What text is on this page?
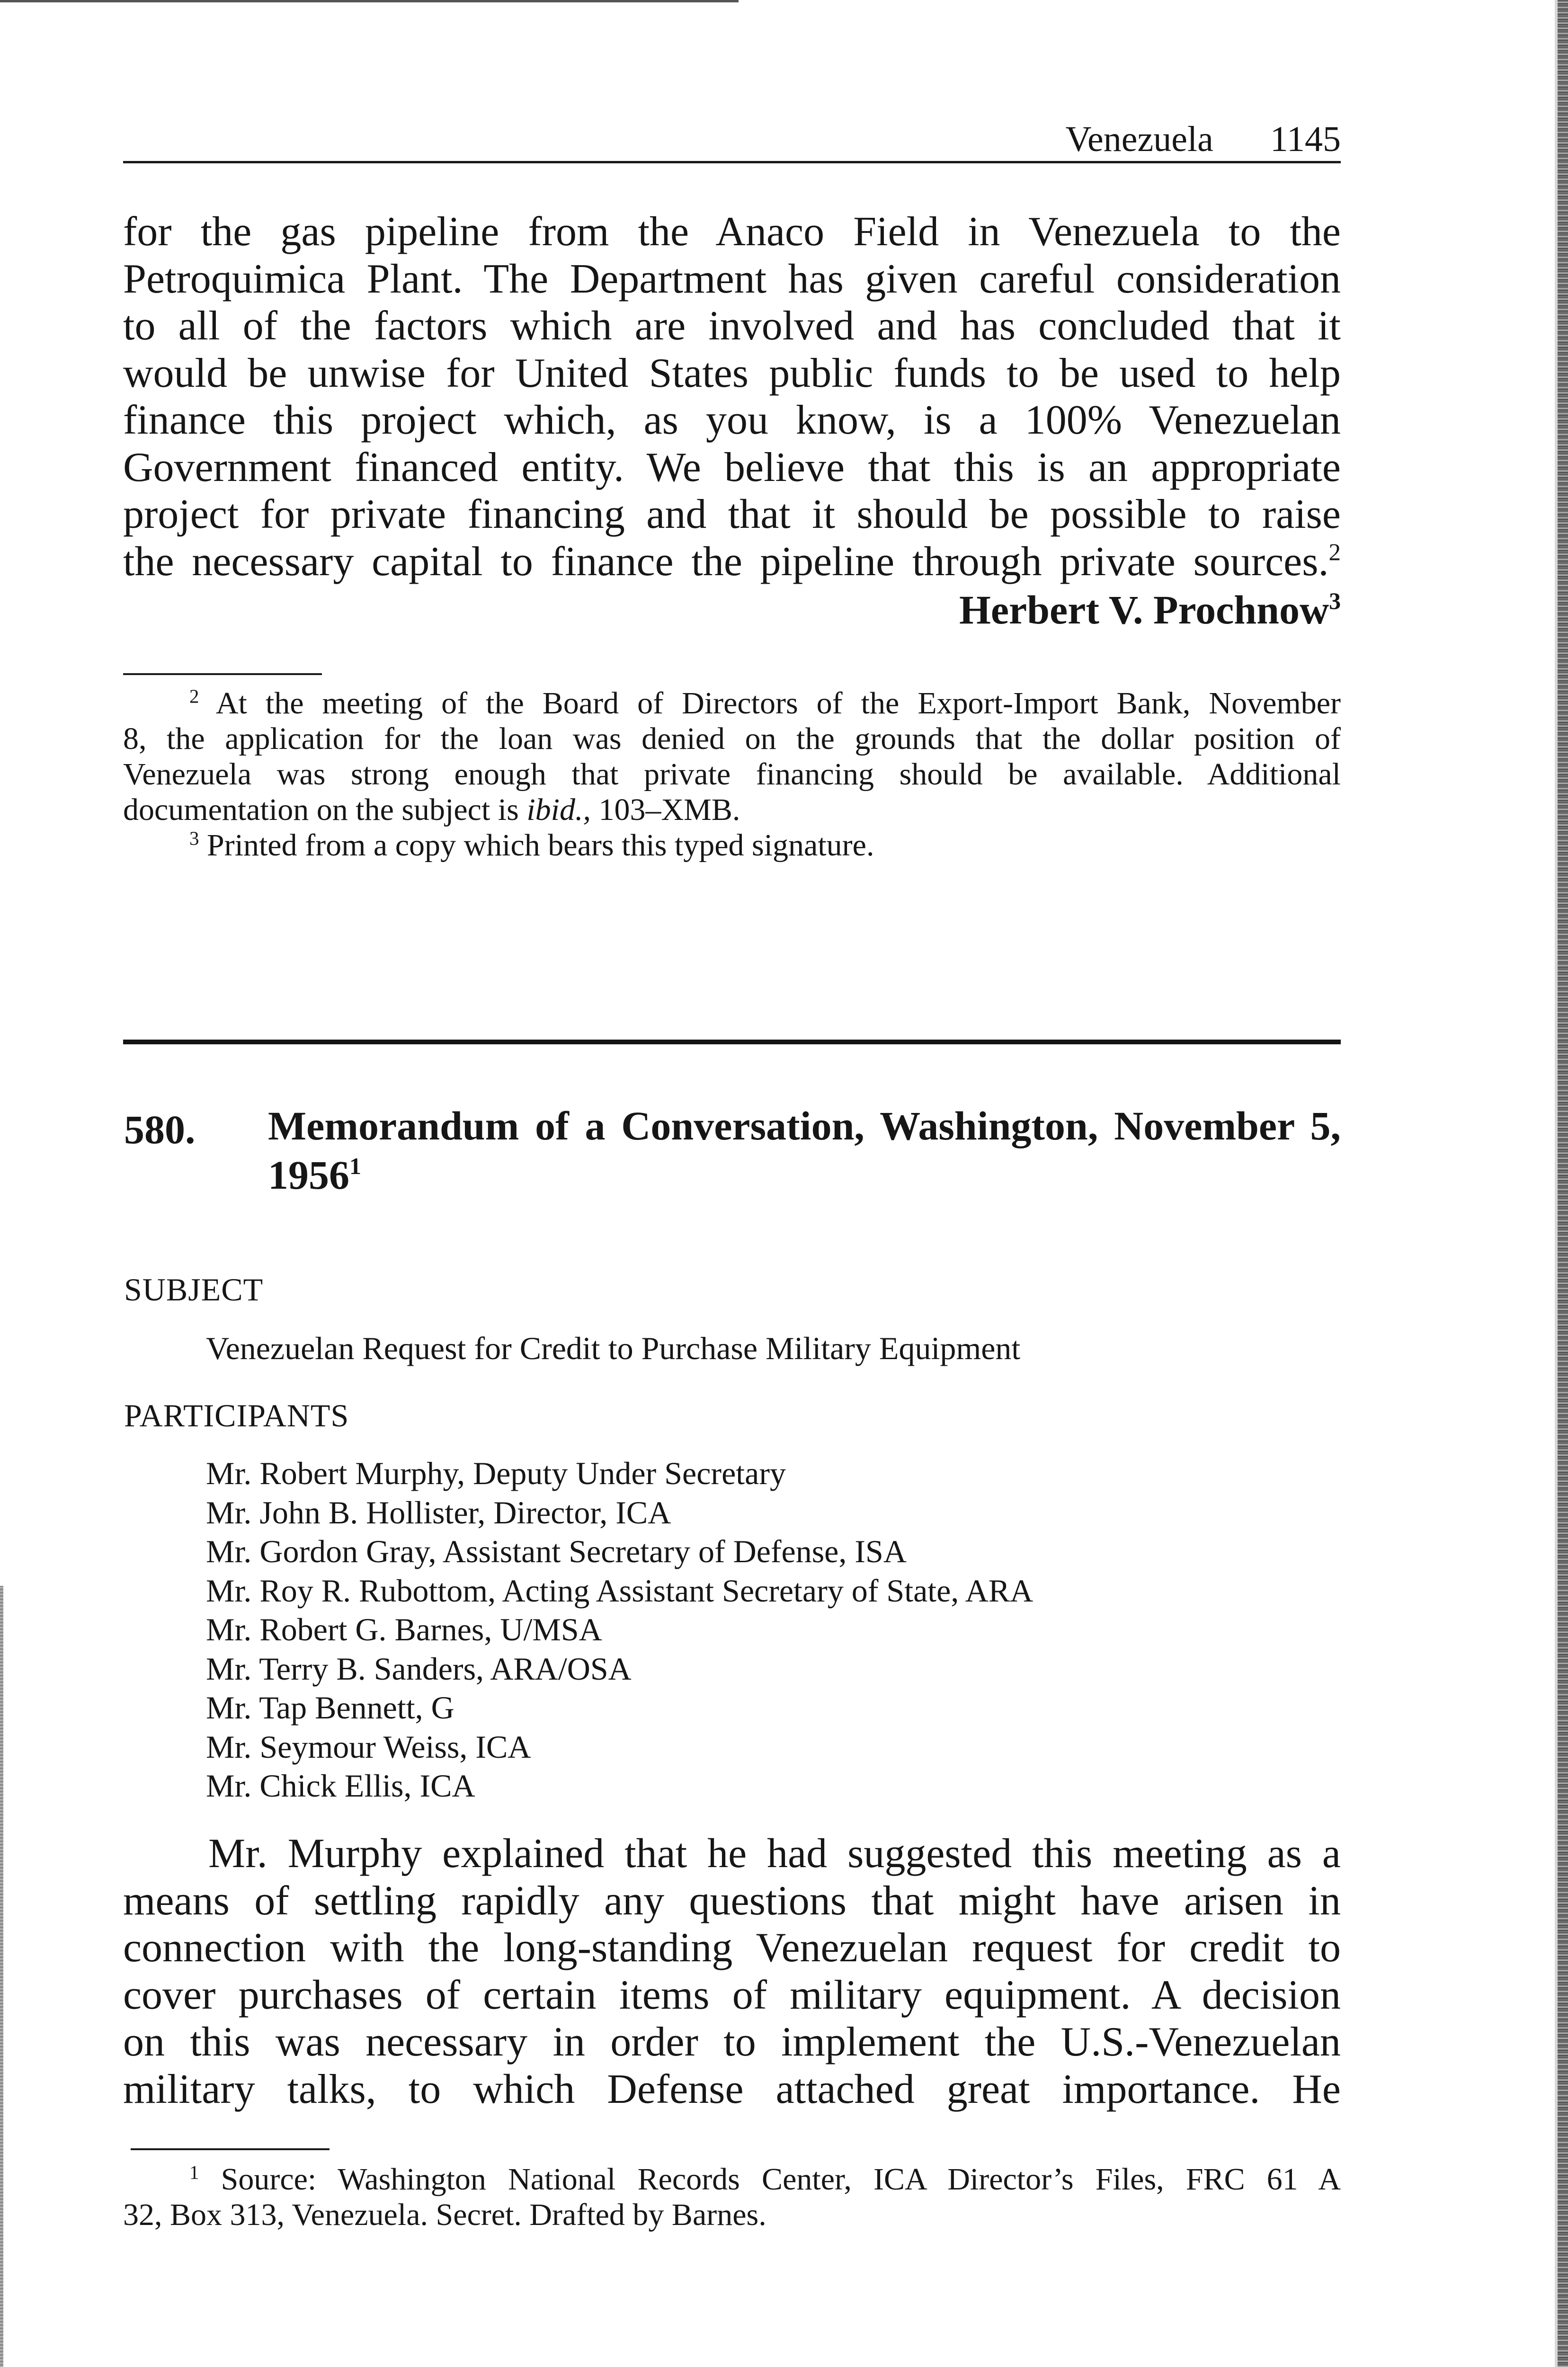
Venezuela 1145
for the gas pipeline from the Anaco Field in Venezuela to the
Petroquimica Plant. The Department has given careful consideration
to all of the factors which are involved and has concluded that it
would be unwise for United States public funds to be used to help
finance this project which, as you know, is a 100% Venezuelan
Government financed entity. We believe that this is an appropriate
project for private financing and that it should be possible to raise
the necessary capital to finance the pipeline through private sources.$^2$
Herbert V. Prochnow$^3$
$^2$ At the meeting of the Board of Directors of the Export-Import Bank, November
8, the application for the loan was denied on the grounds that the dollar position of
Venezuela was strong enough that private financing should be available. Additional
documentation on the subject is ibid., 103–XMB.
$^3$ Printed from a copy which bears this typed signature.
580. Memorandum of a Conversation, Washington, November 5, 1956$^1$
SUBJECT
Venezuelan Request for Credit to Purchase Military Equipment
PARTICIPANTS
Mr. Robert Murphy, Deputy Under Secretary
Mr. John B. Hollister, Director, ICA
Mr. Gordon Gray, Assistant Secretary of Defense, ISA
Mr. Roy R. Rubottom, Acting Assistant Secretary of State, ARA
Mr. Robert G. Barnes, U/MSA
Mr. Terry B. Sanders, ARA/OSA
Mr. Tap Bennett, G
Mr. Seymour Weiss, ICA
Mr. Chick Ellis, ICA
Mr. Murphy explained that he had suggested this meeting as a
means of settling rapidly any questions that might have arisen in
connection with the long-standing Venezuelan request for credit to
cover purchases of certain items of military equipment. A decision
on this was necessary in order to implement the U.S.-Venezuelan
military talks, to which Defense attached great importance. He
$^1$ Source: Washington National Records Center, ICA Director’s Files, FRC 61 A
32, Box 313, Venezuela. Secret. Drafted by Barnes.
